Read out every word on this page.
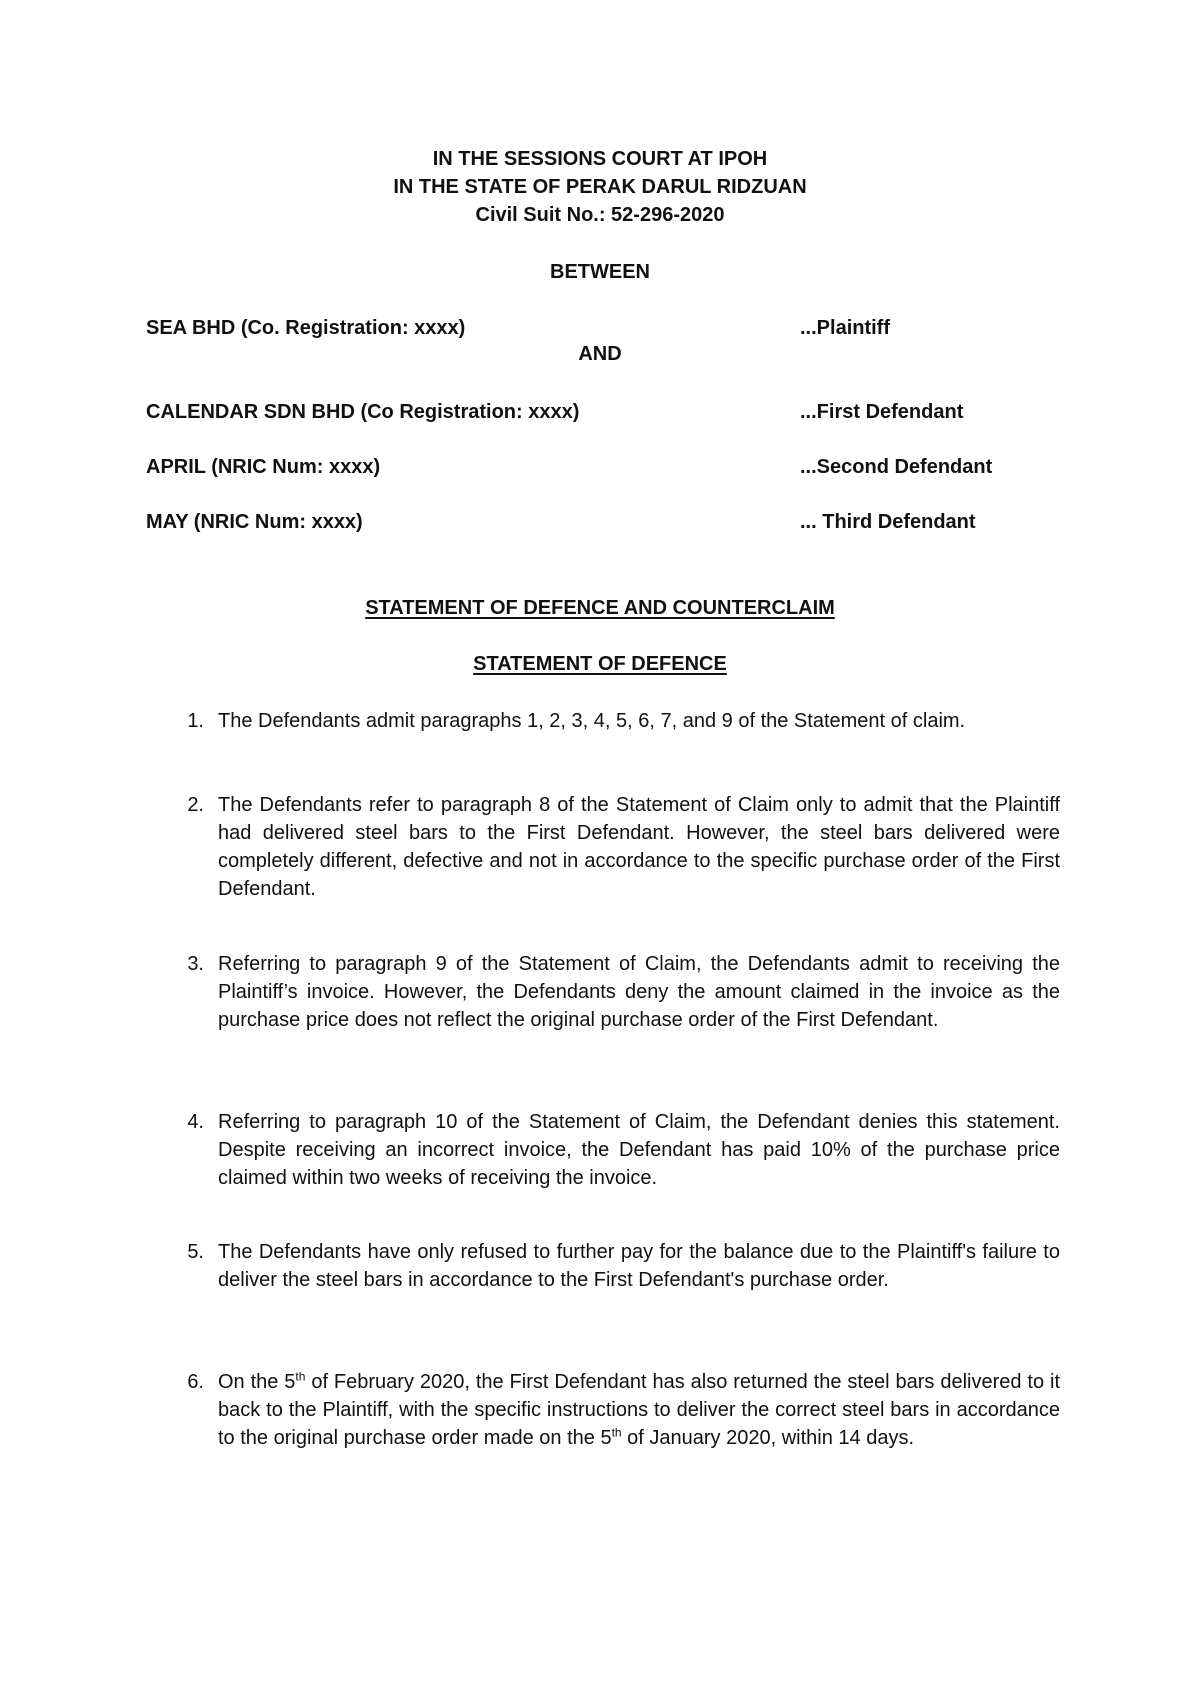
IN THE SESSIONS COURT AT IPOH
IN THE STATE OF PERAK DARUL RIDZUAN
Civil Suit No.: 52-296-2020
BETWEEN
SEA BHD (Co. Registration: xxxx)	...Plaintiff
AND
CALENDAR SDN BHD (Co Registration: xxxx)	...First Defendant
APRIL (NRIC Num: xxxx)	...Second Defendant
MAY (NRIC Num: xxxx)	... Third Defendant
STATEMENT OF DEFENCE AND COUNTERCLAIM
STATEMENT OF DEFENCE
1. The Defendants admit paragraphs 1, 2, 3, 4, 5, 6, 7, and 9 of the Statement of claim.
2. The Defendants refer to paragraph 8 of the Statement of Claim only to admit that the Plaintiff had delivered steel bars to the First Defendant. However, the steel bars delivered were completely different, defective and not in accordance to the specific purchase order of the First Defendant.
3. Referring to paragraph 9 of the Statement of Claim, the Defendants admit to receiving the Plaintiff’s invoice. However, the Defendants deny the amount claimed in the invoice as the purchase price does not reflect the original purchase order of the First Defendant.
4. Referring to paragraph 10 of the Statement of Claim, the Defendant denies this statement. Despite receiving an incorrect invoice, the Defendant has paid 10% of the purchase price claimed within two weeks of receiving the invoice.
5. The Defendants have only refused to further pay for the balance due to the Plaintiff's failure to deliver the steel bars in accordance to the First Defendant's purchase order.
6. On the 5th of February 2020, the First Defendant has also returned the steel bars delivered to it back to the Plaintiff, with the specific instructions to deliver the correct steel bars in accordance to the original purchase order made on the 5th of January 2020, within 14 days.
